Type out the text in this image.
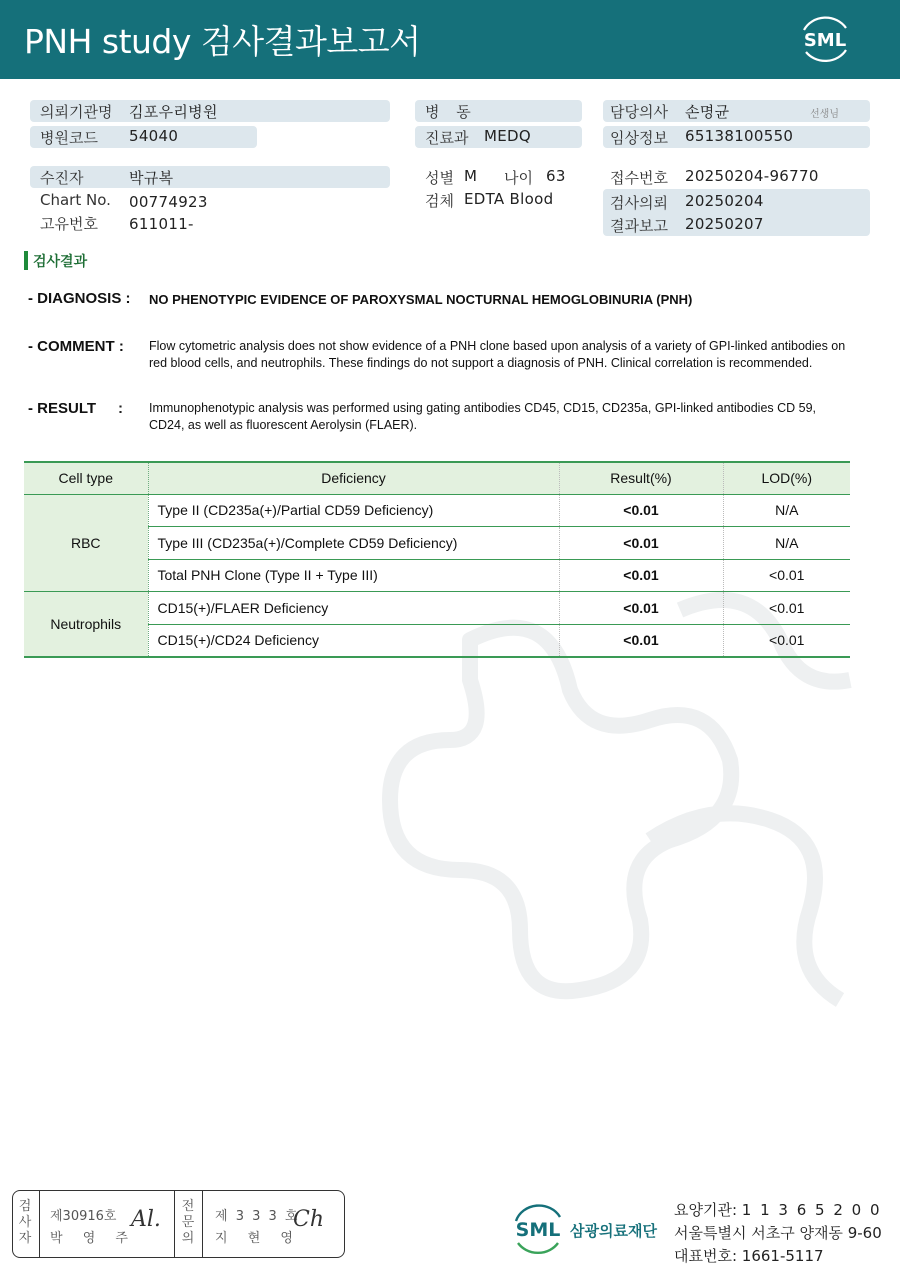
PNH study 검사결과보고서	SML
의뢰기관명 김포우리병원
병원코드 54040
수진자	박규복
Chart No. 00774923
고유번호 611011-
병 동
진료과 MEDQ
성별 M 나이 63
검체 EDTA Blood
담당의사 손명균	선생님
임상정보 65138100550
접수번호 20250204-96770
검사의뢰 20250204
결과보고 20250207
검사결과
- DIAGNOSIS : NO PHENOTYPIC EVIDENCE OF PAROXYSMAL NOCTURNAL HEMOGLOBINURIA (PNH)
- COMMENT : Flow cytometric analysis does not show evidence of a PNH clone based upon analysis of a variety of GPI-linked antibodies on red blood cells, and neutrophils. These findings do not support a diagnosis of PNH. Clinical correlation is recommended.
- RESULT : Immunophenotypic analysis was performed using gating antibodies CD45, CD15, CD235a, GPI-linked antibodies CD 59, CD24, as well as fluorescent Aerolysin (FLAER).
Cell type	Deficiency	Result(%)	LOD(%)
RBC	Type II (CD235a(+)/Partial CD59 Deficiency)	<0.01	N/A
	Type III (CD235a(+)/Complete CD59 Deficiency)	<0.01	N/A
	Total PNH Clone (Type II + Type III)	<0.01	<0.01
Neutrophils	CD15(+)/FLAER Deficiency	<0.01	<0.01
	CD15(+)/CD24 Deficiency	<0.01	<0.01
검사자
제30916호
박 영 주
Al.
전문의
제 3 3 3 호
지 현 영
Ch	SML 삼광의료재단
요양기관: 1 1 3 6 5 2 0 0
서울특별시 서초구 양재동 9-60
대표번호: 1661-5117
